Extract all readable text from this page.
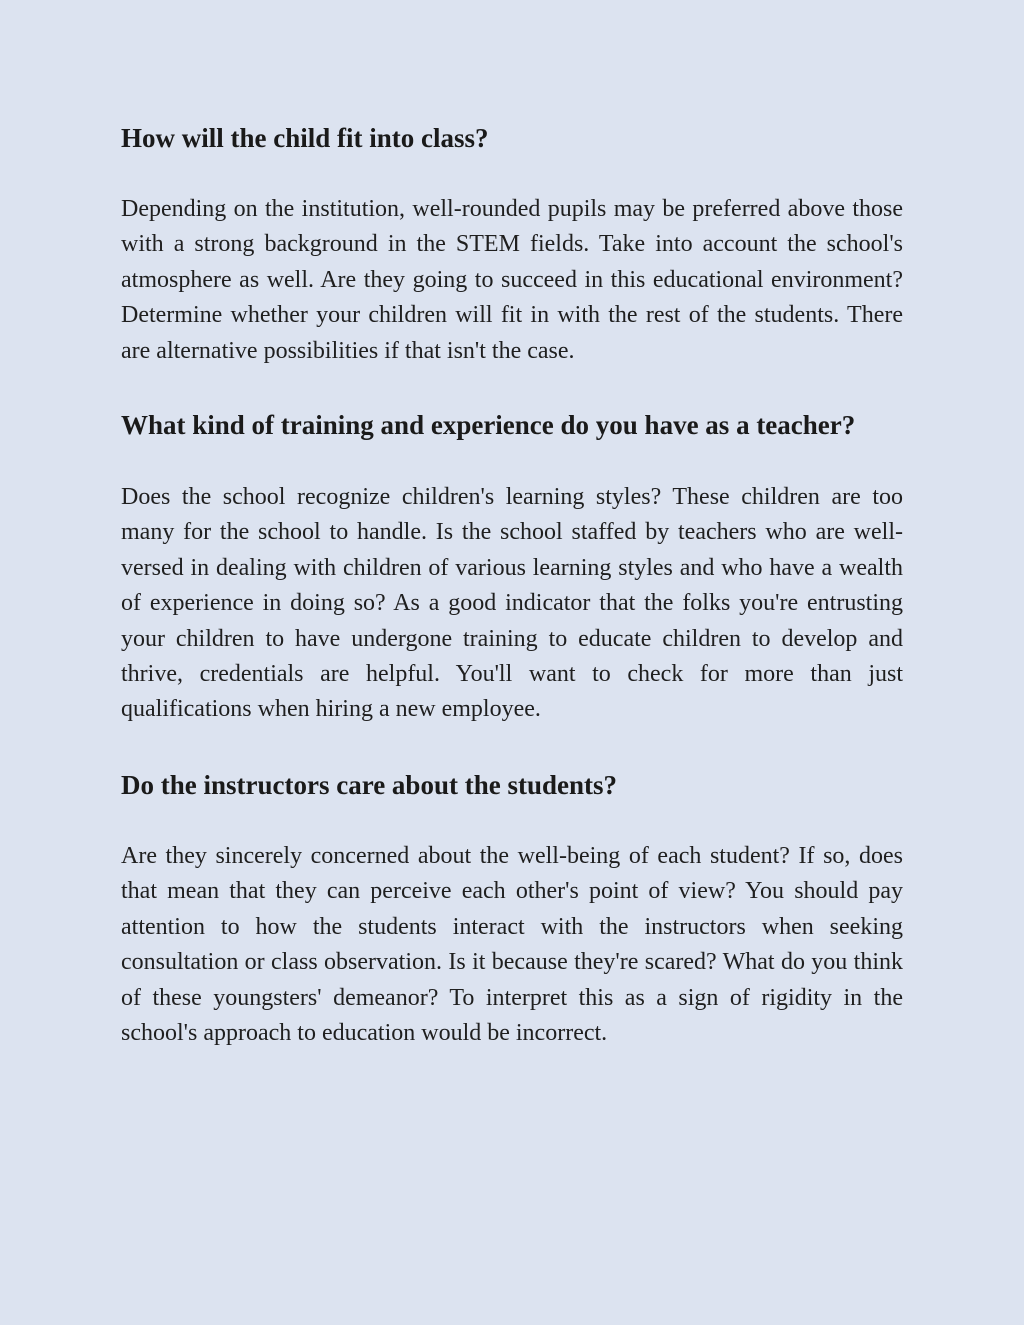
How will the child fit into class?

Depending on the institution, well-rounded pupils may be preferred above those with a strong background in the STEM fields. Take into account the school's atmosphere as well. Are they going to succeed in this educational environment? Determine whether your children will fit in with the rest of the students. There are alternative possibilities if that isn't the case.

What kind of training and experience do you have as a teacher?

Does the school recognize children's learning styles? These children are too many for the school to handle. Is the school staffed by teachers who are well-versed in dealing with children of various learning styles and who have a wealth of experience in doing so? As a good indicator that the folks you're entrusting your children to have undergone training to educate children to develop and thrive, credentials are helpful. You'll want to check for more than just qualifications when hiring a new employee.

Do the instructors care about the students?

Are they sincerely concerned about the well-being of each student? If so, does that mean that they can perceive each other's point of view? You should pay attention to how the students interact with the instructors when seeking consultation or class observation. Is it because they're scared? What do you think of these youngsters' demeanor? To interpret this as a sign of rigidity in the school's approach to education would be incorrect.
